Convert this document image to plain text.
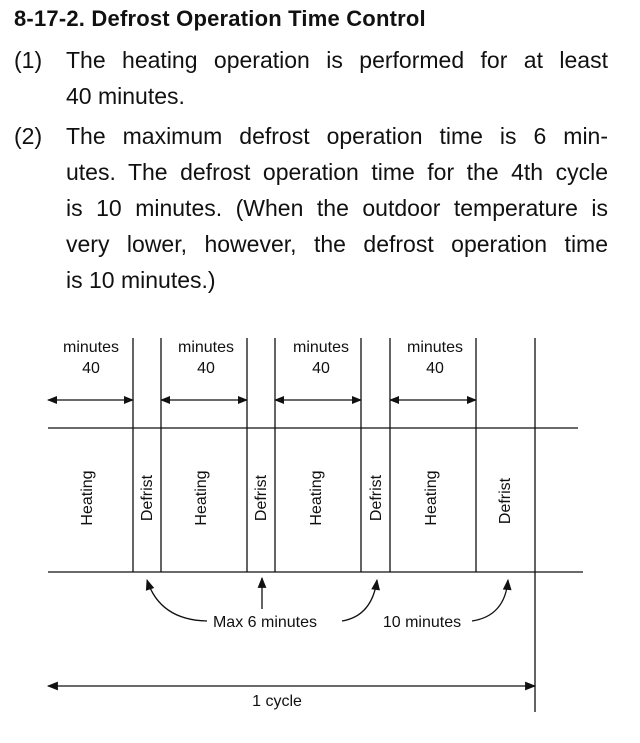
8-17-2. Defrost Operation Time Control
(1) The heating operation is performed for at least
40 minutes.
(2) The maximum defrost operation time is 6 min-
utes. The defrost operation time for the 4th cycle
is 10 minutes. (When the outdoor temperature is
very lower, however, the defrost operation time
is 10 minutes.)
minutes
40
minutes
40
minutes
40
minutes
40
Heating	Defrist Heating	Defrist Heating	Defrist Heating	Defrist
Max 6 minutes	10 minutes
1 cycle
